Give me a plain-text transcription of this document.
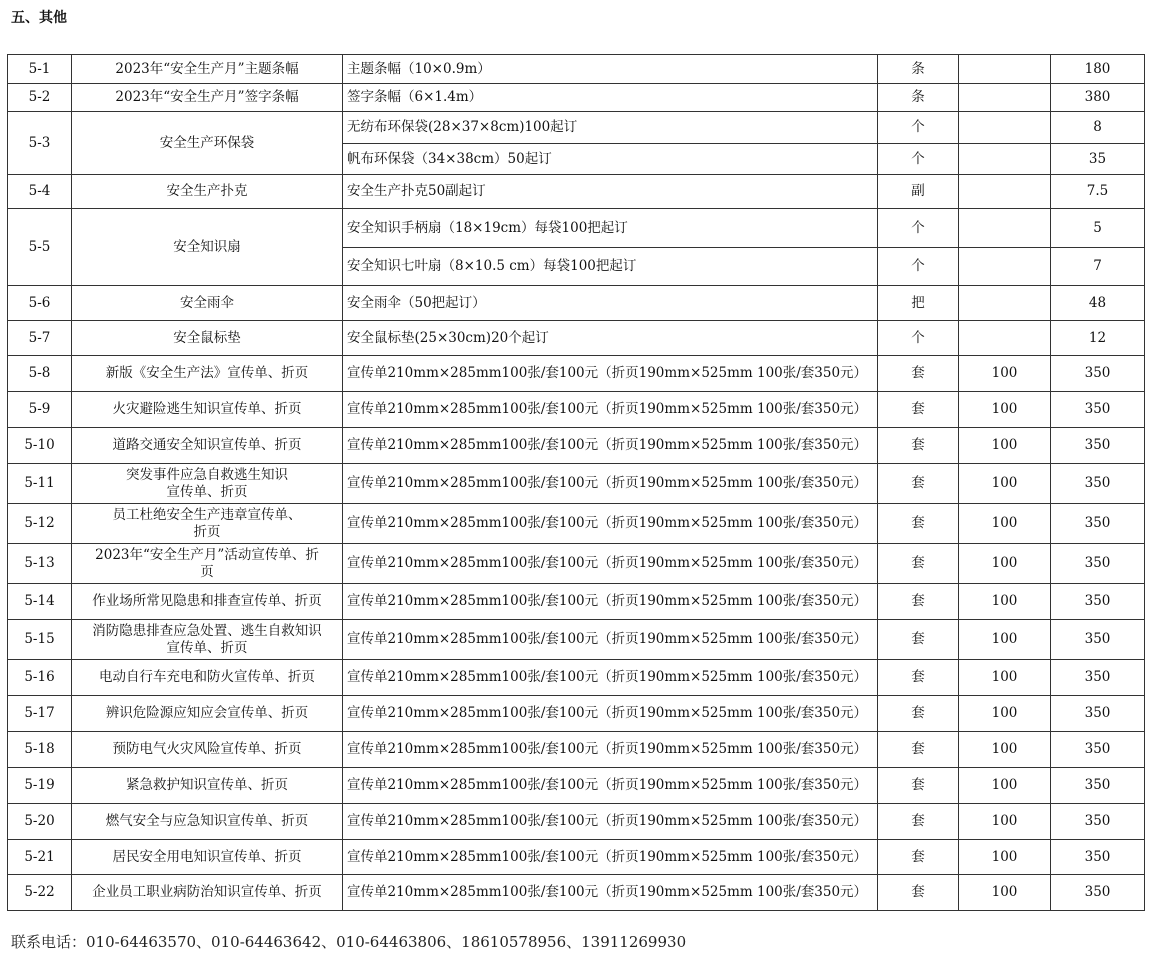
五、其他
5-1	2023年“安全生产月”主题条幅	主题条幅（10×0.9m）	条		180
5-2	2023年“安全生产月”签字条幅	签字条幅（6×1.4m）	条		380
5-3	安全生产环保袋	无纺布环保袋(28×37×8cm)100起订	个		8
		帆布环保袋（34×38cm）50起订	个		35
5-4	安全生产扑克	安全生产扑克50副起订	副		7.5
5-5	安全知识扇	安全知识手柄扇（18×19cm）每袋100把起订	个		5
		安全知识七叶扇（8×10.5 cm）每袋100把起订	个		7
5-6	安全雨伞	安全雨伞（50把起订）	把		48
5-7	安全鼠标垫	安全鼠标垫(25×30cm)20个起订	个		12
5-8	新版《安全生产法》宣传单、折页	宣传单210mm×285mm100张/套100元（折页190mm×525mm 100张/套350元）	套	100	350
5-9	火灾避险逃生知识宣传单、折页	宣传单210mm×285mm100张/套100元（折页190mm×525mm 100张/套350元）	套	100	350
5-10	道路交通安全知识宣传单、折页	宣传单210mm×285mm100张/套100元（折页190mm×525mm 100张/套350元）	套	100	350
5-11	突发事件应急自救逃生知识
宣传单、折页	宣传单210mm×285mm100张/套100元（折页190mm×525mm 100张/套350元）	套	100	350
5-12	员工杜绝安全生产违章宣传单、
折页	宣传单210mm×285mm100张/套100元（折页190mm×525mm 100张/套350元）	套	100	350
5-13	2023年“安全生产月”活动宣传单、折
页	宣传单210mm×285mm100张/套100元（折页190mm×525mm 100张/套350元）	套	100	350
5-14	作业场所常见隐患和排查宣传单、折页	宣传单210mm×285mm100张/套100元（折页190mm×525mm 100张/套350元）	套	100	350
5-15	消防隐患排查应急处置、逃生自救知识
宣传单、折页	宣传单210mm×285mm100张/套100元（折页190mm×525mm 100张/套350元）	套	100	350
5-16	电动自行车充电和防火宣传单、折页	宣传单210mm×285mm100张/套100元（折页190mm×525mm 100张/套350元）	套	100	350
5-17	辨识危险源应知应会宣传单、折页	宣传单210mm×285mm100张/套100元（折页190mm×525mm 100张/套350元）	套	100	350
5-18	预防电气火灾风险宣传单、折页	宣传单210mm×285mm100张/套100元（折页190mm×525mm 100张/套350元）	套	100	350
5-19	紧急救护知识宣传单、折页	宣传单210mm×285mm100张/套100元（折页190mm×525mm 100张/套350元）	套	100	350
5-20	燃气安全与应急知识宣传单、折页	宣传单210mm×285mm100张/套100元（折页190mm×525mm 100张/套350元）	套	100	350
5-21	居民安全用电知识宣传单、折页	宣传单210mm×285mm100张/套100元（折页190mm×525mm 100张/套350元）	套	100	350
5-22	企业员工职业病防治知识宣传单、折页	宣传单210mm×285mm100张/套100元（折页190mm×525mm 100张/套350元）	套	100	350
联系电话：010-64463570、010-64463642、010-64463806、18610578956、13911269930
